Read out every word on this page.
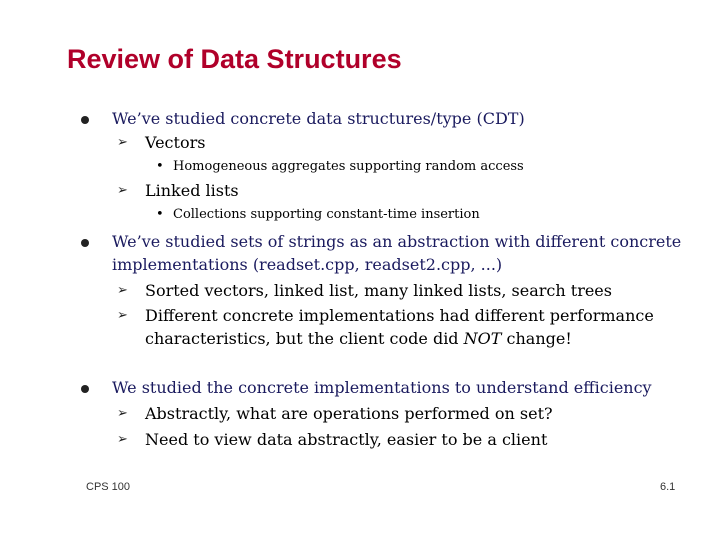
Review of Data Structures
We’ve studied concrete data structures/type (CDT)
➢ Vectors
• Homogeneous aggregates supporting random access
➢ Linked lists
• Collections supporting constant-time insertion
We’ve studied sets of strings as an abstraction with different concrete
implementations (readset.cpp, readset2.cpp, ...)
➢ Sorted vectors, linked list, many linked lists, search trees
➢ Different concrete implementations had different performance
characteristics, but the client code did NOT change!
We studied the concrete implementations to understand efficiency
➢ Abstractly, what are operations performed on set?
➢ Need to view data abstractly, easier to be a client
CPS 100	6.1
